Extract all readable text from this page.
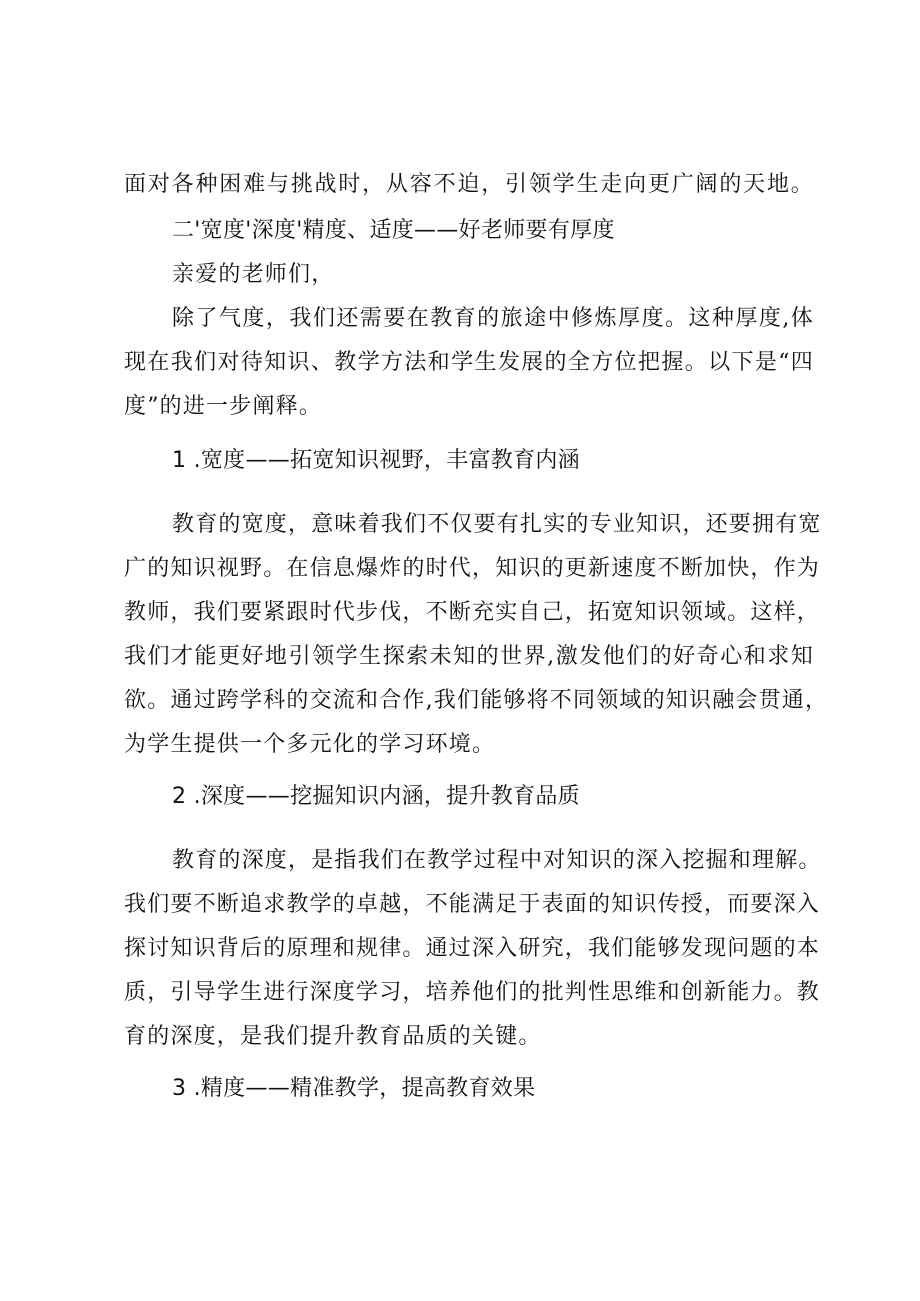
面对各种困难与挑战时，从容不迫，引领学生走向更广阔的天地。
二'宽度'深度'精度、适度——好老师要有厚度
亲爱的老师们，
除了气度，我们还需要在教育的旅途中修炼厚度。这种厚度,体
现在我们对待知识、教学方法和学生发展的全方位把握。以下是“四
度”的进一步阐释。
1 .宽度——拓宽知识视野，丰富教育内涵
教育的宽度，意味着我们不仅要有扎实的专业知识，还要拥有宽
广的知识视野。在信息爆炸的时代，知识的更新速度不断加快，作为
教师，我们要紧跟时代步伐，不断充实自己，拓宽知识领域。这样，
我们才能更好地引领学生探索未知的世界,激发他们的好奇心和求知
欲。通过跨学科的交流和合作,我们能够将不同领域的知识融会贯通，
为学生提供一个多元化的学习环境。
2 .深度——挖掘知识内涵，提升教育品质
教育的深度，是指我们在教学过程中对知识的深入挖掘和理解。
我们要不断追求教学的卓越，不能满足于表面的知识传授，而要深入
探讨知识背后的原理和规律。通过深入研究，我们能够发现问题的本
质，引导学生进行深度学习，培养他们的批判性思维和创新能力。教
育的深度，是我们提升教育品质的关键。
3 .精度——精准教学，提高教育效果
